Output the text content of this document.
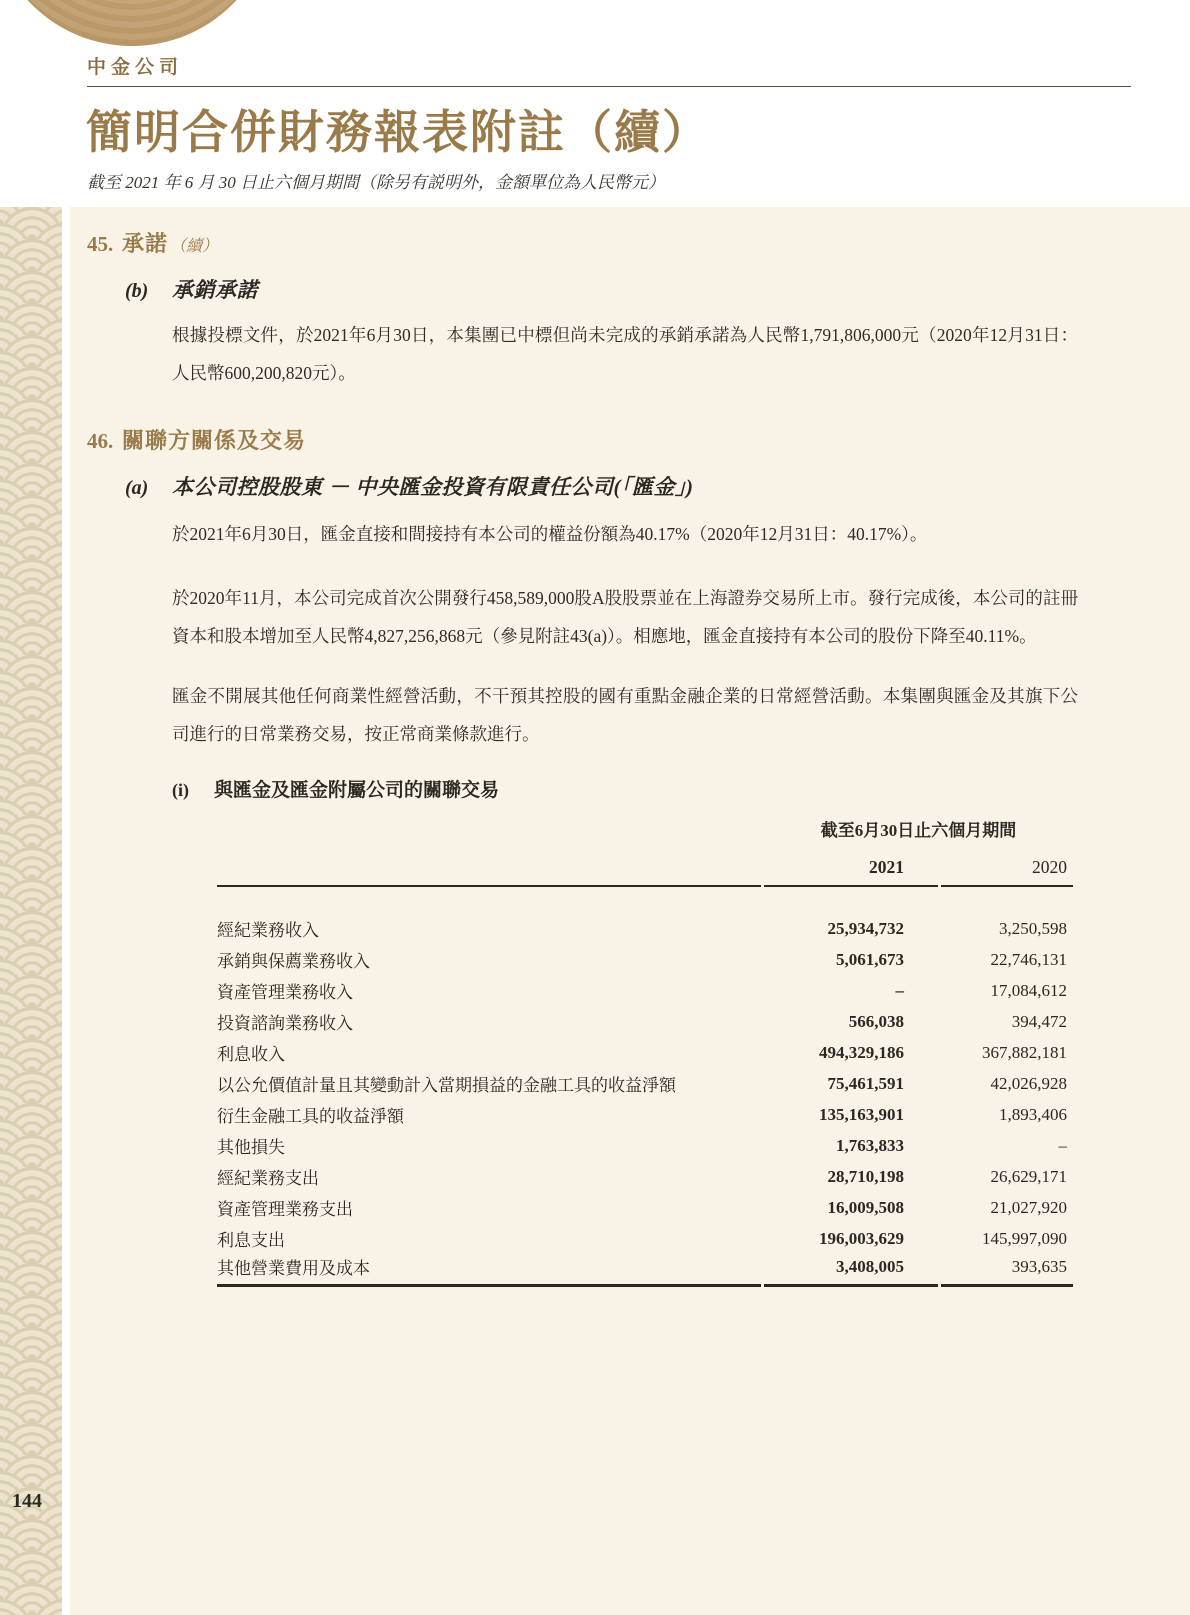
中金公司
簡明合併財務報表附註（續）
截至 2021 年 6 月 30 日止六個月期間（除另有説明外，金額單位為人民幣元）
45. 承諾 （續）
(b)	承銷承諾

根據投標文件，於2021年6月30日，本集團已中標但尚未完成的承銷承諾為人民幣1,791,806,000元（2020年12月31日：人民幣600,200,820元）。

46. 關聯方關係及交易
(a)	本公司控股股東 － 中央匯金投資有限責任公司(「匯金」)

於2021年6月30日，匯金直接和間接持有本公司的權益份額為40.17%（2020年12月31日：40.17%）。

於2020年11月，本公司完成首次公開發行458,589,000股A股股票並在上海證券交易所上市。發行完成後，本公司的註冊資本和股本增加至人民幣4,827,256,868元（參見附註43(a)）。相應地，匯金直接持有本公司的股份下降至40.11%。

匯金不開展其他任何商業性經營活動，不干預其控股的國有重點金融企業的日常經營活動。本集團與匯金及其旗下公司進行的日常業務交易，按正常商業條款進行。

(i)	與匯金及匯金附屬公司的關聯交易
	截至6月30日止六個月期間	
	2021	2020

經紀業務收入	25,934,732	3,250,598
承銷與保薦業務收入	5,061,673	22,746,131
資產管理業務收入	–	17,084,612
投資諮詢業務收入	566,038	394,472
利息收入	494,329,186	367,882,181
以公允價值計量且其變動計入當期損益的金融工具的收益淨額	75,461,591	42,026,928
衍生金融工具的收益淨額	135,163,901	1,893,406
其他損失	1,763,833	–
經紀業務支出	28,710,198	26,629,171
資產管理業務支出	16,009,508	21,027,920
利息支出	196,003,629	145,997,090
其他營業費用及成本	3,408,005	393,635
144
